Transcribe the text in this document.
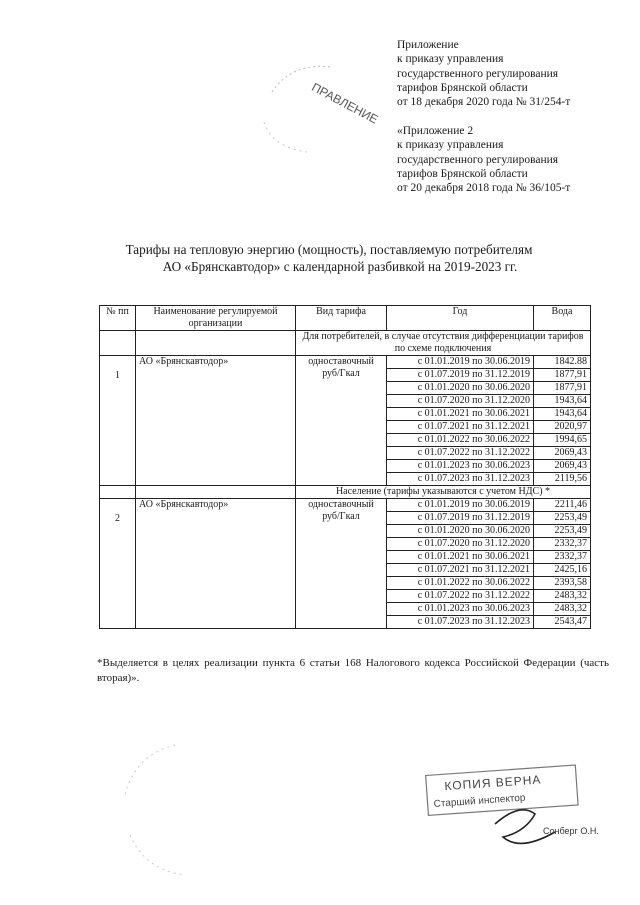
Приложение
к приказу управления
государственного регулирования
тарифов Брянской области
от 18 декабря 2020 года № 31/254-т
«Приложение 2
к приказу управления
государственного регулирования
тарифов Брянской области
от 20 декабря 2018 года № 36/105-т
ПРАВЛЕНИЕ
Тарифы на тепловую энергию (мощность), поставляемую потребителям
АО «Брянскавтодор» с календарной разбивкой на 2019-2023 гг.
№ пп	Наименование регулируемой организации	Вид тарифа	Год	Вода
		Для потребителей, в случае отсутствия дифференциации тарифов по схеме подключения		
1	АО «Брянскавтодор»	одноставочный руб/Гкал	с 01.01.2019 по 30.06.2019	1842.88
			с 01.07.2019 по 31.12.2019	1877,91
			с 01.01.2020 по 30.06.2020	1877,91
			с 01.07.2020 по 31.12.2020	1943,64
			с 01.01.2021 по 30.06.2021	1943,64
			с 01.07.2021 по 31.12.2021	2020,97
			с 01.01.2022 по 30.06.2022	1994,65
			с 01.07.2022 по 31.12.2022	2069,43
			с 01.01.2023 по 30.06.2023	2069,43
			с 01.07.2023 по 31.12.2023	2119,56
		Население (тарифы указываются с учетом НДС) *		
2	АО «Брянскавтодор»	одноставочный руб/Гкал	с 01.01.2019 по 30.06.2019	2211,46
			с 01.07.2019 по 31.12.2019	2253,49
			с 01.01.2020 по 30.06.2020	2253,49
			с 01.07.2020 по 31.12.2020	2332,37
			с 01.01.2021 по 30.06.2021	2332,37
			с 01.07.2021 по 31.12.2021	2425,16
			с 01.01.2022 по 30.06.2022	2393,58
			с 01.07.2022 по 31.12.2022	2483,32
			с 01.01.2023 по 30.06.2023	2483,32
			с 01.07.2023 по 31.12.2023	2543,47
*Выделяется в целях реализации пункта 6 статьи 168 Налогового кодекса Российской Федерации (часть вторая)».
КОПИЯ ВЕРНА
Старший инспектор
Сонберг О.Н.
